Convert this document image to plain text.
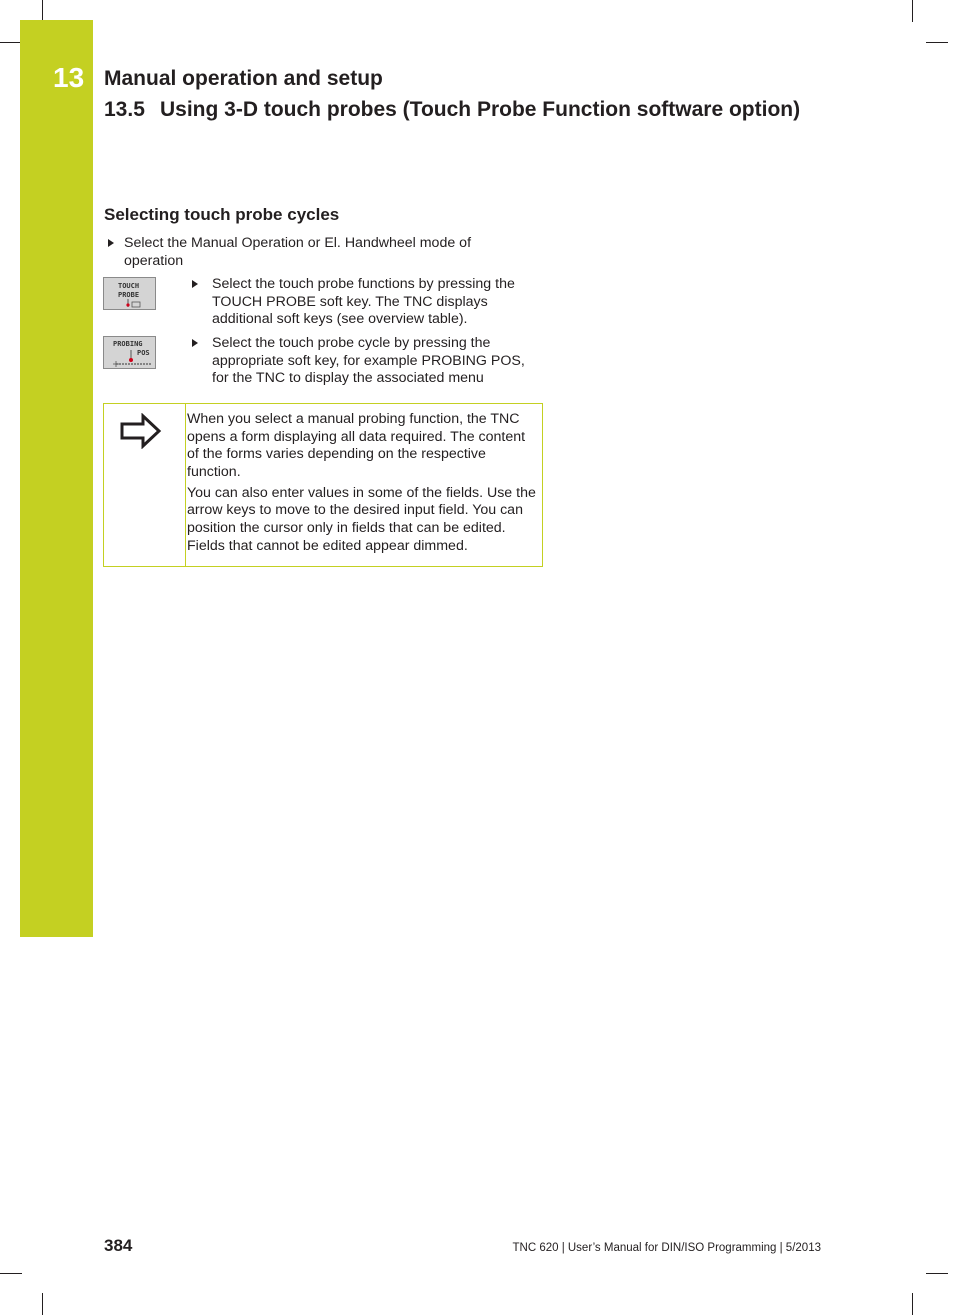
13 Manual operation and setup
13.5 Using 3-D touch probes (Touch Probe Function software option)
Selecting touch probe cycles
Select the Manual Operation or El. Handwheel mode of operation
TOUCH
PROBE
Select the touch probe functions by pressing the TOUCH PROBE soft key. The TNC displays additional soft keys (see overview table).
PROBING
POS
Select the touch probe cycle by pressing the appropriate soft key, for example PROBING POS, for the TNC to display the associated menu

When you select a manual probing function, the TNC opens a form displaying all data required. The content of the forms varies depending on the respective function.

You can also enter values in some of the fields. Use the arrow keys to move to the desired input field. You can position the cursor only in fields that can be edited. Fields that cannot be edited appear dimmed.

384	TNC 620 | User’s Manual for DIN/ISO Programming | 5/2013
